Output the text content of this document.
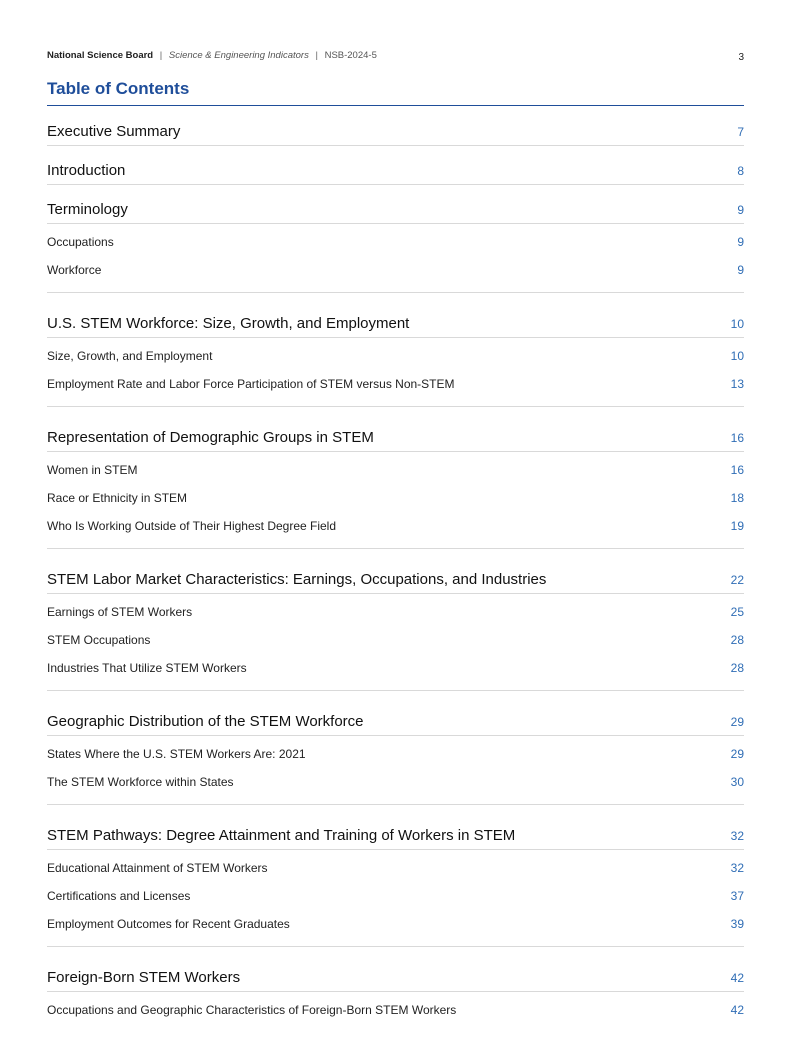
National Science Board | Science & Engineering Indicators | NSB-2024-5	3
Table of Contents
Executive Summary	7
Introduction	8
Terminology	9
Occupations	9
Workforce	9
U.S. STEM Workforce: Size, Growth, and Employment	10
Size, Growth, and Employment	10
Employment Rate and Labor Force Participation of STEM versus Non-STEM	13
Representation of Demographic Groups in STEM	16
Women in STEM	16
Race or Ethnicity in STEM	18
Who Is Working Outside of Their Highest Degree Field	19
STEM Labor Market Characteristics: Earnings, Occupations, and Industries	22
Earnings of STEM Workers	25
STEM Occupations	28
Industries That Utilize STEM Workers	28
Geographic Distribution of the STEM Workforce	29
States Where the U.S. STEM Workers Are: 2021	29
The STEM Workforce within States	30
STEM Pathways: Degree Attainment and Training of Workers in STEM	32
Educational Attainment of STEM Workers	32
Certifications and Licenses	37
Employment Outcomes for Recent Graduates	39
Foreign-Born STEM Workers	42
Occupations and Geographic Characteristics of Foreign-Born STEM Workers	42
